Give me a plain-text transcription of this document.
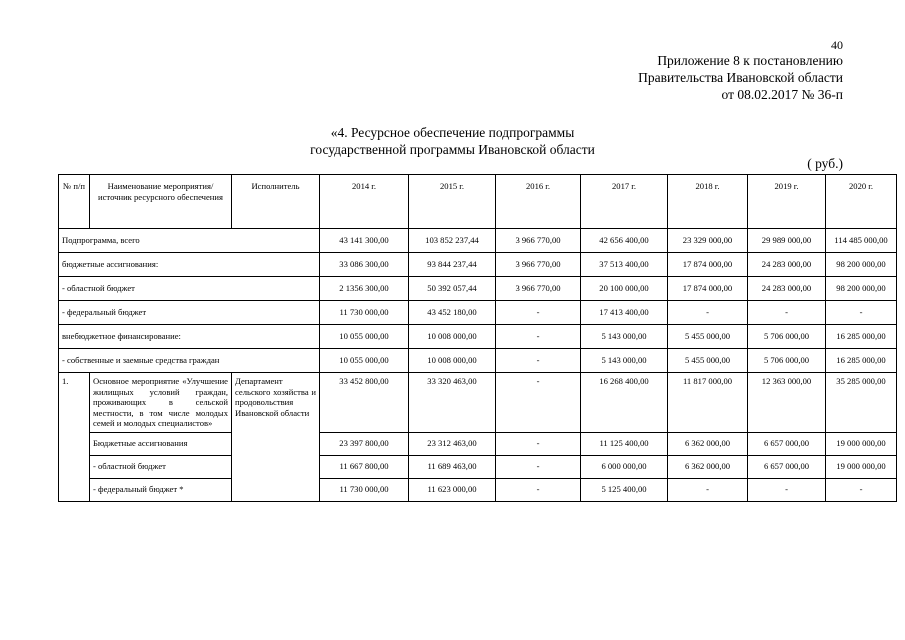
40
Приложение 8 к постановлению
Правительства Ивановской области
от 08.02.2017 № 36-п
«4. Ресурсное обеспечение подпрограммы
государственной программы Ивановской области
( руб.)
№ п/п	Наименование мероприятия/источник ресурсного обеспечения	Исполнитель	2014 г.	2015 г.	2016 г.	2017 г.	2018 г.	2019 г.	2020 г.
Подпрограмма, всего			43 141 300,00	103 852 237,44	3 966 770,00	42 656 400,00	23 329 000,00	29 989 000,00	114 485 000,00
бюджетные ассигнования:			33 086 300,00	93 844 237,44	3 966 770,00	37 513 400,00	17 874 000,00	24 283 000,00	98 200 000,00
- областной бюджет			2 1356 300,00	50 392 057,44	3 966 770,00	20 100 000,00	17 874 000,00	24 283 000,00	98 200 000,00
- федеральный бюджет			11 730 000,00	43 452 180,00	-	17 413 400,00	-	-	-
внебюджетное финансирование:			10 055 000,00	10 008 000,00	-	5 143 000,00	5 455 000,00	5 706 000,00	16 285 000,00
- собственные и заемные средства граждан			10 055 000,00	10 008 000,00	-	5 143 000,00	5 455 000,00	5 706 000,00	16 285 000,00
1.	Основное мероприятие «Улучшение жилищных условий граждан, проживающих в сельской местности, в том числе молодых семей и молодых специалистов»	Департамент сельского хозяйства и продовольствия Ивановской области	33 452 800,00	33 320 463,00	-	16 268 400,00	11 817 000,00	12 363 000,00	35 285 000,00
	Бюджетные ассигнования		23 397 800,00	23 312 463,00	-	11 125 400,00	6 362 000,00	6 657 000,00	19 000 000,00
	- областной бюджет		11 667 800,00	11 689 463,00	-	6 000 000,00	6 362 000,00	6 657 000,00	19 000 000,00
	- федеральный бюджет *		11 730 000,00	11 623 000,00	-	5 125 400,00	-	-	-
